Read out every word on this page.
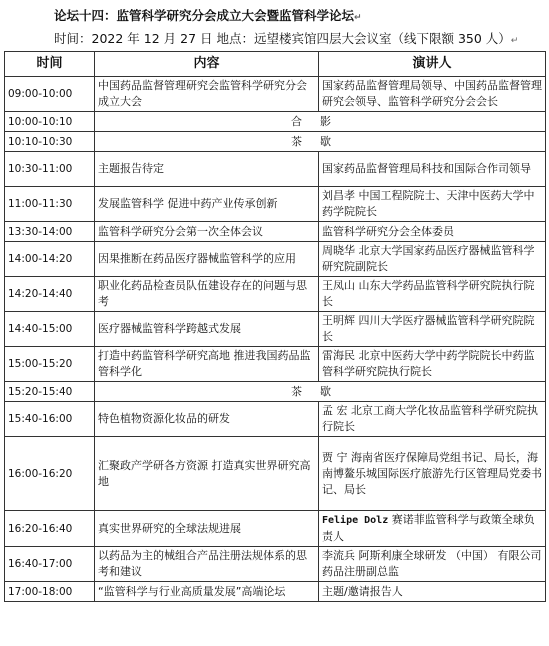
论坛十四：监管科学研究分会成立大会暨监管科学论坛↵
时间：2022 年 12 月 27 日 地点：远望楼宾馆四层大会议室（线下限额 350 人）↵
时间	内容	演讲人
09:00-10:00	中国药品监督管理研究会监管科学研究分会成立大会	国家药品监督管理局领导、中国药品监督管理研究会领导、监管科学研究分会会长
10:00-10:10	合影	
10:10-10:30	茶歇	
10:30-11:00	主题报告待定	国家药品监督管理局科技和国际合作司领导
11:00-11:30	发展监管科学 促进中药产业传承创新	刘昌孝 中国工程院院士、天津中医药大学中药学院院长
13:30-14:00	监管科学研究分会第一次全体会议	监管科学研究分会全体委员
14:00-14:20	因果推断在药品医疗器械监管科学的应用	周晓华 北京大学国家药品医疗器械监管科学研究院副院长
14:20-14:40	职业化药品检查员队伍建设存在的问题与思考	王凤山 山东大学药品监管科学研究院执行院长
14:40-15:00	医疗器械监管科学跨越式发展	王明辉 四川大学医疗器械监管科学研究院院长
15:00-15:20	打造中药监管科学研究高地 推进我国药品监管科学化	雷海民 北京中医药大学中药学院院长中药监管科学研究院执行院长
15:20-15:40	茶歇	
15:40-16:00	特色植物资源化妆品的研发	孟 宏 北京工商大学化妆品监管科学研究院执行院长
16:00-16:20	汇聚政产学研各方资源 打造真实世界研究高地	贾 宁 海南省医疗保障局党组书记、局长，海南博鳌乐城国际医疗旅游先行区管理局党委书记、局长
16:20-16:40	真实世界研究的全球法规进展	Felipe Dolz 赛诺菲监管科学与政策全球负责人
16:40-17:00	以药品为主的械组合产品注册法规体系的思考和建议	李流兵 阿斯利康全球研发 （中国） 有限公司 药品注册副总监
17:00-18:00	“监管科学与行业高质量发展”高端论坛	主题/邀请报告人
